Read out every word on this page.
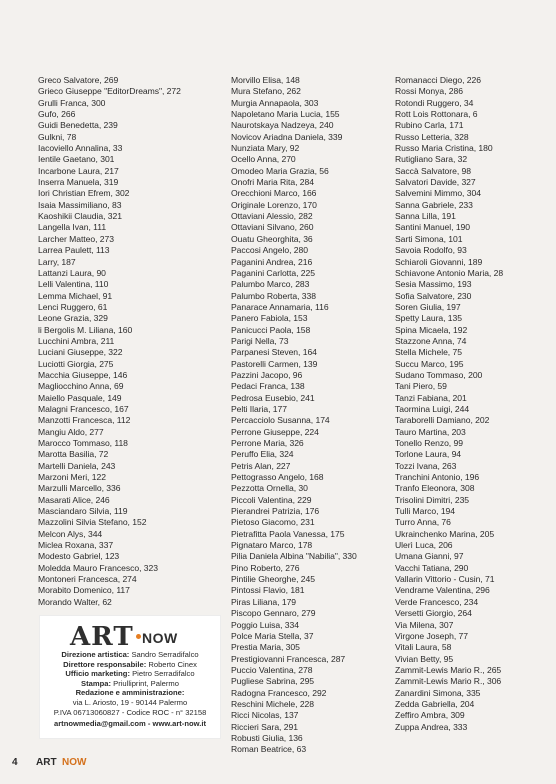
Greco Salvatore, 269
Grieco Giuseppe "EditorDreams", 272
Grulli Franca, 300
Gufo, 266
Guidi Benedetta, 239
Gulkni, 78
Iacoviello Annalina, 33
Ientile Gaetano, 301
Incarbone Laura, 217
Inserra Manuela, 319
Iori Christian Efrem, 302
Isaia Massimiliano, 83
Kaoshikii Claudia, 321
Langella Ivan, 111
Larcher Matteo, 273
Larrea Paulett, 113
Larry, 187
Lattanzi Laura, 90
Lelli Valentina, 110
Lemma Michael, 91
Lenci Ruggero, 61
Leone Grazia, 329
li Bergolis M. Liliana, 160
Lucchini Ambra, 211
Luciani Giuseppe, 322
Luciotti Giorgia, 275
Macchia Giuseppe, 146
Magliocchino Anna, 69
Maiello Pasquale, 149
Malagni Francesco, 167
Manzotti Francesca, 112
Mangiu Aldo, 277
Marocco Tommaso, 118
Marotta Basilia, 72
Martelli Daniela, 243
Marzoni Meri, 122
Marzulli Marcello, 336
Masarati Alice, 246
Masciandaro Silvia, 119
Mazzolini Silvia Stefano, 152
Melcon Alys, 344
Miclea Roxana, 337
Modesto Gabriel, 123
Moledda Mauro Francesco, 323
Montoneri Francesca, 274
Morabito Domenico, 117
Morando Walter, 62
Morvillo Elisa, 148
Mura Stefano, 262
Murgia Annapaola, 303
Napoletano Maria Lucia, 155
Naurotskaya Nadzeya, 240
Novicov Ariadna Daniela, 339
Nunziata Mary, 92
Ocello Anna, 270
Omodeo Maria Grazia, 56
Onofri Maria Rita, 284
Orecchioni Marco, 166
Originale Lorenzo, 170
Ottaviani Alessio, 282
Ottaviani Silvano, 260
Ouatu Gheorghita, 36
Paccosi Angelo, 280
Paganini Andrea, 216
Paganini Carlotta, 225
Palumbo Marco, 283
Palumbo Roberta, 338
Panarace Annamaria, 116
Panero Fabiola, 153
Panicucci Paola, 158
Parigi Nella, 73
Parpanesi Steven, 164
Pastorelli Carmen, 139
Pazzini Jacopo, 96
Pedaci Franca, 138
Pedrosa Eusebio, 241
Pelti Ilaria, 177
Percacciolo Susanna, 174
Perrone Giuseppe, 224
Perrone Maria, 326
Peruffo Elia, 324
Petris Alan, 227
Pettograsso Angelo, 168
Pezzotta Ornella, 30
Piccoli Valentina, 229
Pierandrei Patrizia, 176
Pietoso Giacomo, 231
Pietrafitta Paola Vanessa, 175
Pignataro Marco, 178
Pilia Daniela Albina "Nabilia", 330
Pino Roberto, 276
Pintilie Gheorghe, 245
Pintossi Flavio, 181
Piras Liliana, 179
Piscopo Gennaro, 279
Poggio Luisa, 334
Polce Maria Stella, 37
Prestia Maria, 305
Prestigiovanni Francesca, 287
Puccio Valentina, 278
Pugliese Sabrina, 295
Radogna Francesco, 292
Reschini Michele, 228
Ricci Nicolas, 137
Riccieri Sara, 291
Robusti Giulia, 136
Roman Beatrice, 63
Romanacci Diego, 226
Rossi Monya, 286
Rotondi Ruggero, 34
Rott Lois Rottonara, 6
Rubino Carla, 171
Russo Letteria, 328
Russo Maria Cristina, 180
Rutigliano Sara, 32
Saccà Salvatore, 98
Salvatori Davide, 327
Salvemini Mimmo, 304
Sanna Gabriele, 233
Sanna Lilla, 191
Santini Manuel, 190
Sarti Simona, 101
Savoia Rodolfo, 93
Schiaroli Giovanni, 189
Schiavone Antonio Maria, 28
Sesia Massimo, 193
Sofia Salvatore, 230
Soren Giulia, 197
Spetty Laura, 135
Spina Micaela, 192
Stazzone Anna, 74
Stella Michele, 75
Succu Marco, 195
Sudano Tommaso, 200
Tani Piero, 59
Tanzi Fabiana, 201
Taormina Luigi, 244
Taraborelli Damiano, 202
Tauro Martina, 203
Tonello Renzo, 99
Torlone Laura, 94
Tozzi Ivana, 263
Tranchini Antonio, 196
Tranfo Eleonora, 308
Trisolini Dimitri, 235
Tulli Marco, 194
Turro Anna, 76
Ukrainchenko Marina, 205
Ulerì Luca, 206
Umana Gianni, 97
Vacchi Tatiana, 290
Vallarin Vittorio - Cusin, 71
Vendrame Valentina, 296
Verde Francesco, 234
Versetti Giorgio, 264
Via Milena, 307
Virgone Joseph, 77
Vitali Laura, 58
Vivian Betty, 95
Zammit-Lewis Mario R., 265
Zammit-Lewis Mario R., 306
Zanardini Simona, 335
Zedda Gabriella, 204
Zeffiro Ambra, 309
Zuppa Andrea, 333
ART NOW
Direzione artistica: Sandro Serradifalco
Direttore responsabile: Roberto Cinex
Ufficio marketing: Pietro Serradifalco
Stampa: Priulliprint, Palermo
Redazione e amministrazione:
via L. Ariosto, 19 - 90144 Palermo
P.IVA 06713060827 - Codice ROC - n° 32158
artnowmedia@gmail.com - www.art-now.it
4 ART NOW
